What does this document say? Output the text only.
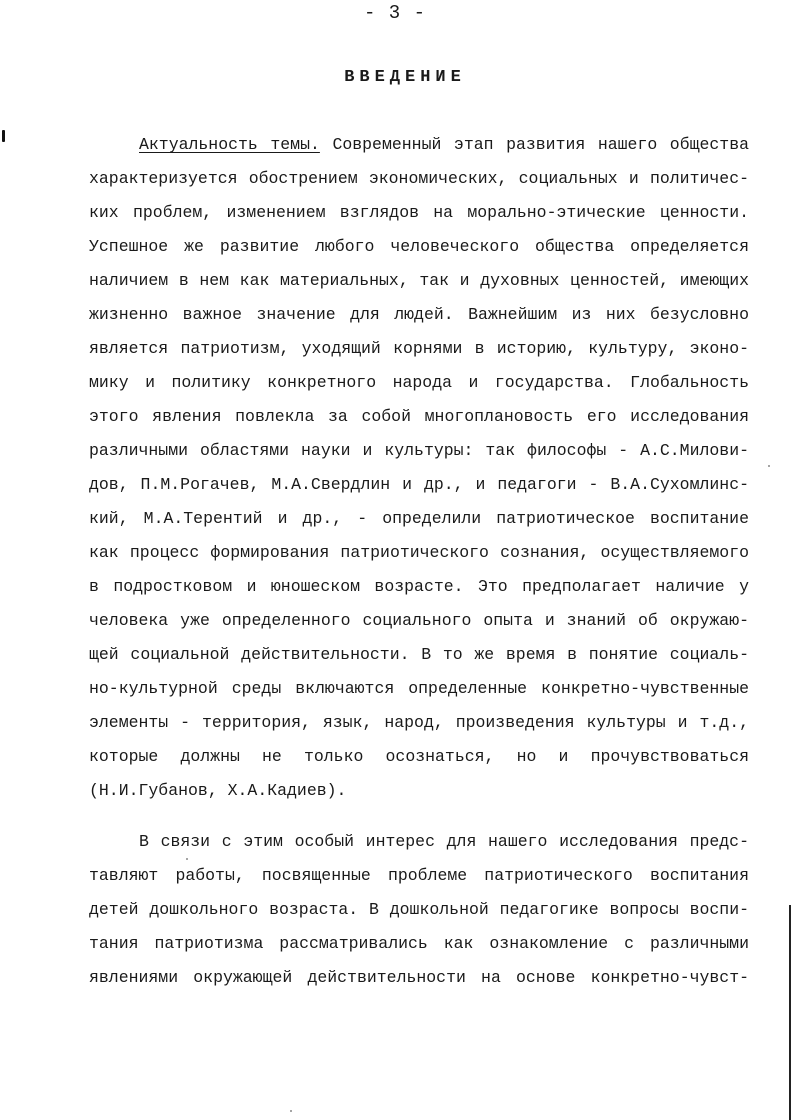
- 3 -
ВВЕДЕНИЕ
Актуальность темы. Современный этап развития нашего общества
характеризуется обострением экономических, социальных и политичес-
ких проблем, изменением взглядов на морально-этические ценности.
Успешное же развитие любого человеческого общества определяется
наличием в нем как материальных, так и духовных ценностей, имеющих
жизненно важное значение для людей. Важнейшим из них безусловно
является патриотизм, уходящий корнями в историю, культуру, эконо-
мику и политику конкретного народа и государства. Глобальность
этого явления повлекла за собой многоплановость его исследования
различными областями науки и культуры: так философы - А.С.Милови-
дов, П.М.Рогачев, М.А.Свердлин и др., и педагоги - В.А.Сухомлинс-
кий, М.А.Терентий и др., - определили патриотическое воспитание
как процесс формирования патриотического сознания, осуществляемого
в подростковом и юношеском возрасте. Это предполагает наличие у
человека уже определенного социального опыта и знаний об окружаю-
щей социальной действительности. В то же время в понятие социаль-
но-культурной среды включаются определенные конкретно-чувственные
элементы - территория, язык, народ, произведения культуры и т.д.,
которые должны не только осознаться, но и прочувствоваться
(Н.И.Губанов, Х.А.Кадиев).
В связи с этим особый интерес для нашего исследования предс-
тавляют работы, посвященные проблеме патриотического воспитания
детей дошкольного возраста. В дошкольной педагогике вопросы воспи-
тания патриотизма рассматривались как ознакомление с различными
явлениями окружающей действительности на основе конкретно-чувст-
